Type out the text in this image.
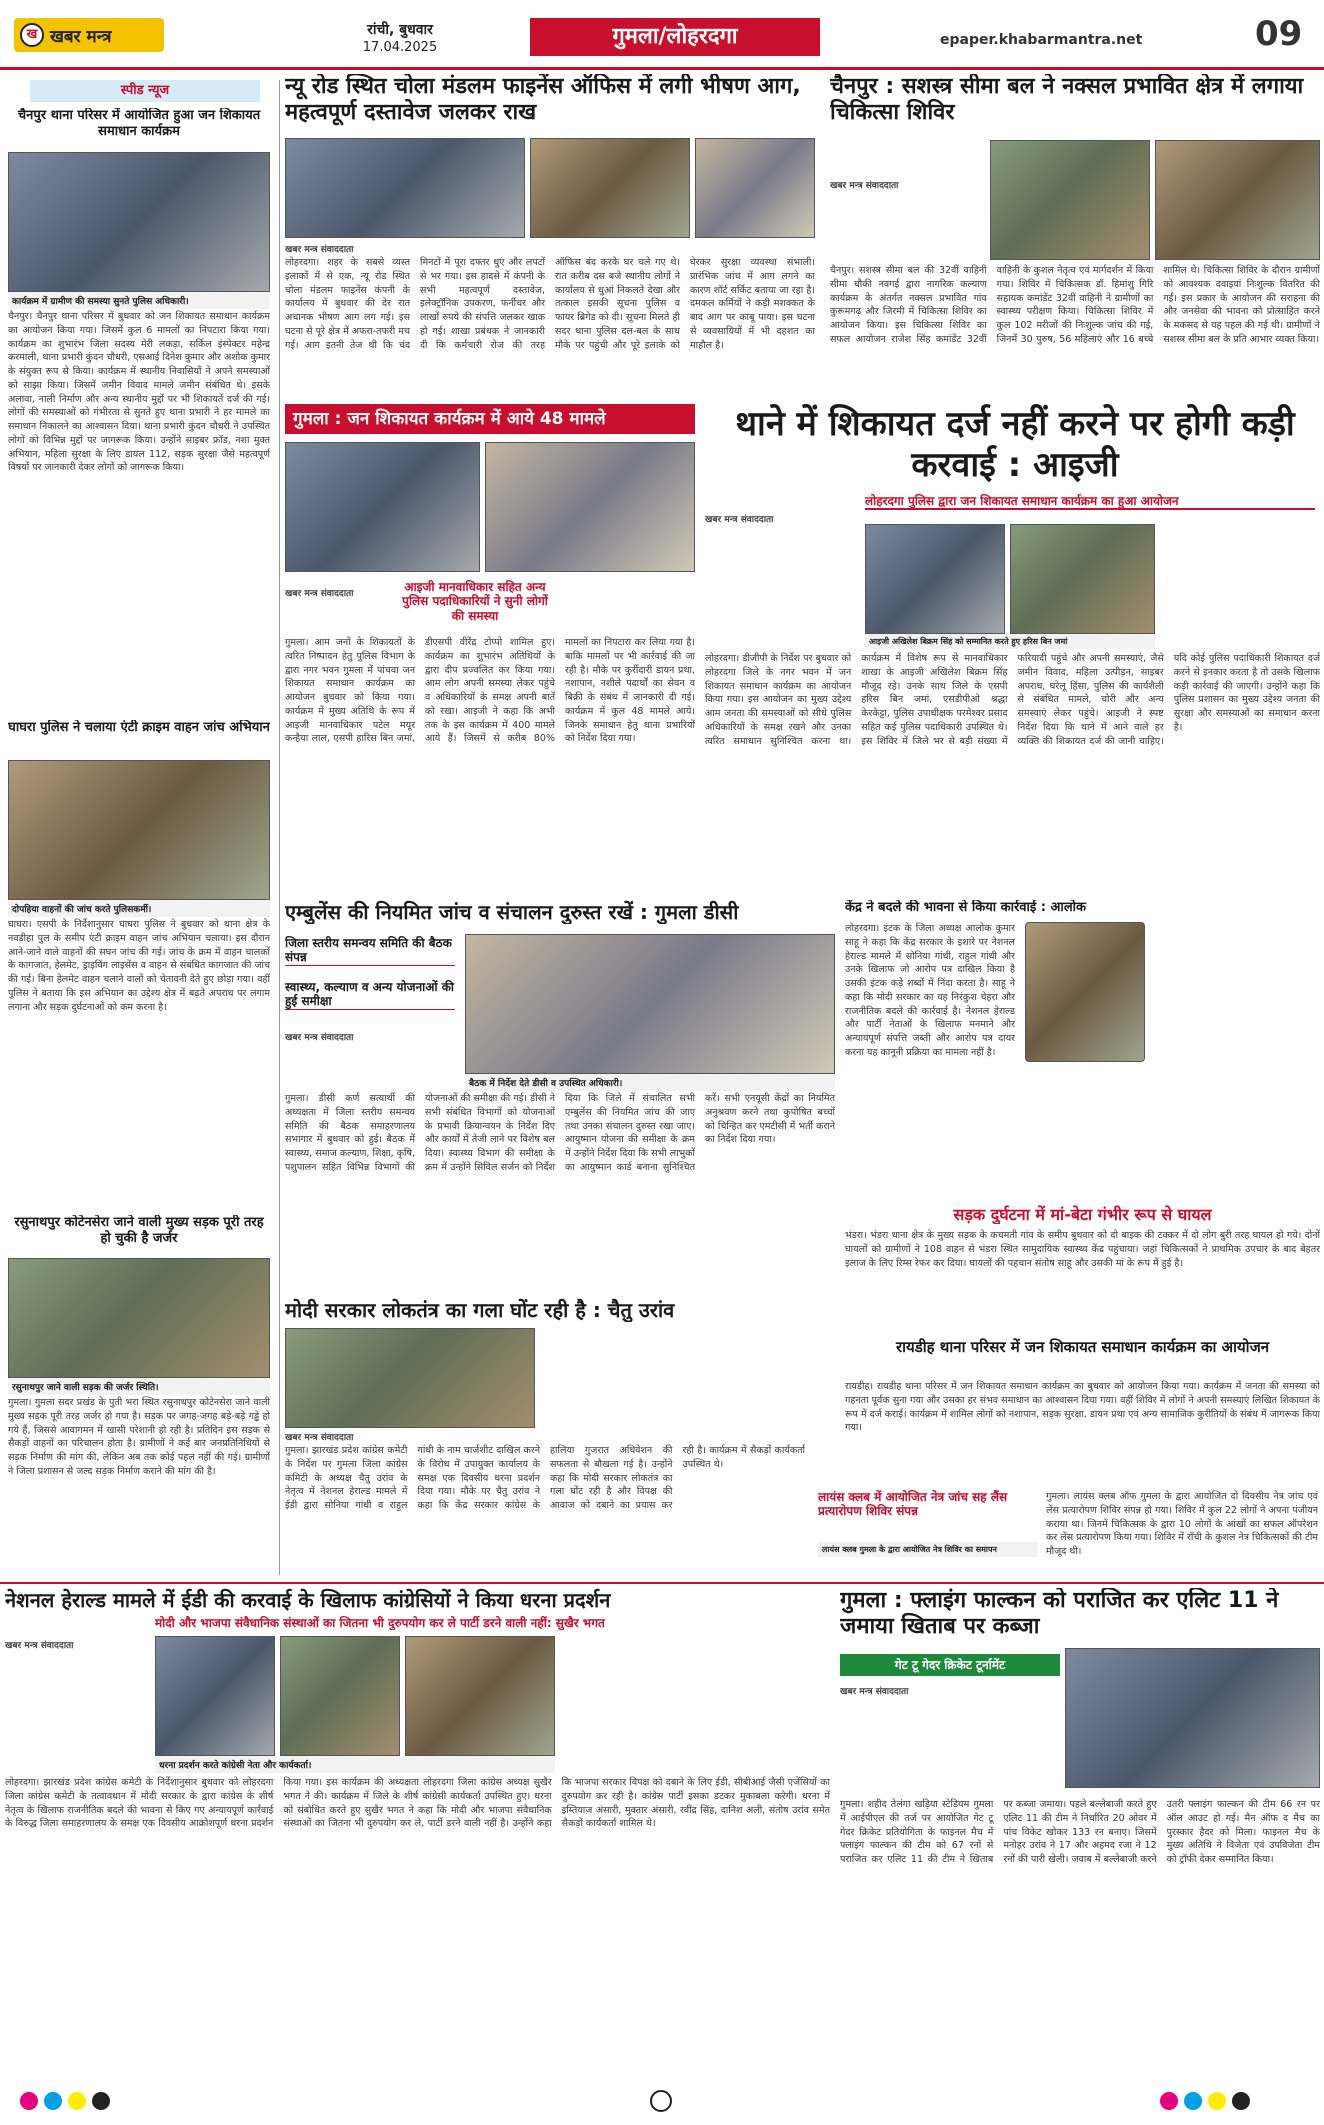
ख खबर मन्त्र	रांची, बुधवार
17.04.2025	गुमला/लोहरदगा	epaper.khabarmantra.net	09
स्पीड न्यूज
चैनपुर थाना परिसर में आयोजित हुआ जन शिकायत समाधान कार्यक्रम
कार्यक्रम में ग्रामीण की समस्या सुनते पुलिस अधिकारी।
चैनपुर। चैनपुर थाना परिसर में बुधवार को जन शिकायत समाधान कार्यक्रम का आयोजन किया गया। जिसमें कुल 6 मामलों का निपटारा किया गया। कार्यक्रम का शुभारंभ जिला सदस्य मेरी लकड़ा, सर्किल इंस्पेक्टर महेन्द्र करमाली, थाना प्रभारी कुंदन चौधरी, एसआई दिनेश कुमार और अशोक कुमार के संयुक्त रूप से किया। कार्यक्रम में स्थानीय निवासियों ने अपने समस्याओं को साझा किया। जिसमें जमीन विवाद मामले जमीन संबंधित थे। इसके अलावा, नाली निर्माण और अन्य स्थानीय मुद्दों पर भी शिकायतें दर्ज की गई। लोगों की समस्याओं को गंभीरता से सुनते हुए थाना प्रभारी ने हर मामले का समाधान निकालने का आश्वासन दिया। थाना प्रभारी कुंदन चौधरी ने उपस्थित लोगों को विभिन्न मुद्दों पर जागरूक किया। उन्होंने साइबर फ्रॉड, नशा मुक्त अभियान, महिला सुरक्षा के लिए डायल 112, सड़क सुरक्षा जैसे महत्वपूर्ण विषयों पर जानकारी देकर लोगों को जागरूक किया।
घाघरा पुलिस ने चलाया एंटी क्राइम वाहन जांच अभियान
दोपहिया वाहनों की जांच करते पुलिसकर्मी।
घाघरा। एसपी के निर्देशानुसार घाघरा पुलिस ने बुधवार को थाना क्षेत्र के नवडीहा पुल के समीप एंटी क्राइम वाहन जांच अभियान चलाया। इस दौरान आने-जाने वाले वाहनों की सघन जांच की गई। जांच के क्रम में वाहन चालकों के कागजात, हेलमेट, ड्राइविंग लाइसेंस व वाहन से संबंधित कागजात की जांच की गई। बिना हेलमेट वाहन चलाने वालों को चेतावनी देते हुए छोड़ा गया। वहीं पुलिस ने बताया कि इस अभियान का उद्देश्य क्षेत्र में बढ़ते अपराध पर लगाम लगाना और सड़क दुर्घटनाओं को कम करना है।
रसुनाथपुर कोटेनसेरा जाने वाली मुख्य सड़क पूरी तरह हो चुकी है जर्जर
रसुनाथपुर जाने वाली सड़क की जर्जर स्थिति।
गुमला। गुमला सदर प्रखंड के पुती भरा स्थित रसुनाथपुर कोटेनसेरा जाने वाली मुख्य सड़क पूरी तरह जर्जर हो गया है। सड़क पर जगह-जगह बड़े-बड़े गड्ढे हो गये हैं, जिससे आवागमन में खासी परेशानी हो रही है। प्रतिदिन इस सड़क से सैकड़ों वाहनों का परिचालन होता है। ग्रामीणों ने कई बार जनप्रतिनिधियों से सड़क निर्माण की मांग की, लेकिन अब तक कोई पहल नहीं की गई। ग्रामीणों ने जिला प्रशासन से जल्द सड़क निर्माण कराने की मांग की है।
न्यू रोड स्थित चोला मंडलम फाइनेंस ऑफिस में लगी भीषण आग, महत्वपूर्ण दस्तावेज जलकर राख
खबर मन्त्र संवाददाता
लोहरदगा। शहर के सबसे व्यस्त इलाकों में से एक, न्यू रोड स्थित चोला मंडलम फाइनेंस कंपनी के कार्यालय में बुधवार की देर रात अचानक भीषण आग लग गई। इस घटना से पूरे क्षेत्र में अफरा-तफरी मच गई। आग इतनी तेज थी कि चंद मिनटों में पूरा दफ्तर धुएं और लपटों से भर गया। इस हादसे में कंपनी के सभी महत्वपूर्ण दस्तावेज, इलेक्ट्रॉनिक उपकरण, फर्नीचर और लाखों रुपये की संपत्ति जलकर खाक हो गई। शाखा प्रबंधक ने जानकारी दी कि कर्मचारी रोज की तरह ऑफिस बंद करके घर चले गए थे। रात करीब दस बजे स्थानीय लोगों ने कार्यालय से धुआं निकलते देखा और तत्काल इसकी सूचना पुलिस व फायर ब्रिगेड को दी। सूचना मिलते ही सदर थाना पुलिस दल-बल के साथ मौके पर पहुंची और पूरे इलाके को घेरकर सुरक्षा व्यवस्था संभाली। प्रारंभिक जांच में आग लगने का कारण शॉर्ट सर्किट बताया जा रहा है। दमकल कर्मियों ने कड़ी मशक्कत के बाद आग पर काबू पाया। इस घटना से व्यवसायियों में भी दहशत का माहौल है।
चैनपुर : सशस्त्र सीमा बल ने नक्सल प्रभावित क्षेत्र में लगाया चिकित्सा शिविर
खबर मन्त्र संवाददाता
चैनपुर। सशस्त्र सीमा बल की 32वीं वाहिनी सीमा चौकी नवगई द्वारा नागरिक कल्याण कार्यक्रम के अंतर्गत नक्सल प्रभावित गांव कुरूमगढ़ और जिरमी में चिकित्सा शिविर का आयोजन किया। इस चिकित्सा शिविर का सफल आयोजन राजेश सिंह कमांडेंट 32वीं वाहिनी के कुशल नेतृत्व एवं मार्गदर्शन में किया गया। शिविर में चिकित्सक डॉ. हिमांशु गिरि सहायक कमांडेंट 32वीं वाहिनी ने ग्रामीणों का स्वास्थ्य परीक्षण किया। चिकित्सा शिविर में कुल 102 मरीजों की निःशुल्क जांच की गई, जिनमें 30 पुरुष, 56 महिलाएं और 16 बच्चे शामिल थे। चिकित्सा शिविर के दौरान ग्रामीणों को आवश्यक दवाइयां निःशुल्क वितरित की गईं। इस प्रकार के आयोजन की सराहना की और जनसेवा की भावना को प्रोत्साहित करने के मकसद से यह पहल की गई थी। ग्रामीणों ने सशस्त्र सीमा बल के प्रति आभार व्यक्त किया।
गुमला : जन शिकायत कार्यक्रम में आये 48 मामले
खबर मन्त्र संवाददाता	आइजी मानवाधिकार सहित अन्य पुलिस पदाधिकारियों ने सुनी लोगों की समस्या
गुमला। आम जनों के शिकायतों के त्वरित निष्पादन हेतु पुलिस विभाग के द्वारा नगर भवन गुमला में पांचवा जन शिकायत समाधान कार्यक्रम का आयोजन बुधवार को किया गया। कार्यक्रम में मुख्य अतिथि के रूप में आइजी मानवाधिकार पटेल मयूर कन्हैया लाल, एसपी हारिस बिन जमां, डीएसपी वीरेंद्र टोप्पो शामिल हुए। कार्यक्रम का शुभारंभ अतिथियों के द्वारा दीप प्रज्वलित कर किया गया। आम लोग अपनी समस्या लेकर पहुंचे व अधिकारियों के समक्ष अपनी बातें को रखा। आइजी ने कहा कि अभी तक के इस कार्यक्रम में 400 मामले आये हैं। जिसमें से करीब 80% मामलों का निपटारा कर लिया गया है। बाकि मामलों पर भी कार्रवाई की जा रही है। मौके पर कुर्रीदारी डायन प्रथा, नशापान, नशीले पदार्थों का सेवन व बिक्री के संबंध में जानकारी दी गई। कार्यक्रम में कुल 48 मामले आये। जिनके समाधान हेतु थाना प्रभारियों को निर्देश दिया गया।
थाने में शिकायत दर्ज नहीं करने पर होगी कड़ी करवाई : आइजी
लोहरदगा पुलिस द्वारा जन शिकायत समाधान कार्यक्रम का हुआ आयोजन
खबर मन्त्र संवाददाता
आइजी अखिलेश बिक्रम सिंह को सम्मानित करते हुए हरिस बिन जमां
लोहरदगा। डीजीपी के निर्देश पर बुधवार को लोहरदगा जिले के नगर भवन में जन शिकायत समाधान कार्यक्रम का आयोजन किया गया। इस आयोजन का मुख्य उद्देश्य आम जनता की समस्याओं को सीधे पुलिस अधिकारियों के समक्ष रखने और उनका त्वरित समाधान सुनिश्चित करना था। कार्यक्रम में विशेष रूप से मानवाधिकार शाखा के आइजी अखिलेश बिक्रम सिंह मौजूद रहे। उनके साथ जिले के एसपी हरिस बिन जमां, एसडीपीओ श्रद्धा केरकेट्टा, पुलिस उपाधीक्षक परमेश्वर प्रसाद सहित कई पुलिस पदाधिकारी उपस्थित थे। इस शिविर में जिले भर से बड़ी संख्या में फरियादी पहुंचे और अपनी समस्याएं, जैसे जमीन विवाद, महिला उत्पीड़न, साइबर अपराध, घरेलू हिंसा, पुलिस की कार्यशैली से संबंधित मामले, चोरी और अन्य समस्याएं लेकर पहुंचे। आइजी ने स्पष्ट निर्देश दिया कि थाने में आने वाले हर व्यक्ति की शिकायत दर्ज की जानी चाहिए। यदि कोई पुलिस पदाधिकारी शिकायत दर्ज करने से इनकार करता है तो उसके खिलाफ कड़ी कार्रवाई की जाएगी। उन्होंने कहा कि पुलिस प्रशासन का मुख्य उद्देश्य जनता की सुरक्षा और समस्याओं का समाधान करना है।
एम्बुलेंस की नियमित जांच व संचालन दुरुस्त रखें : गुमला डीसी
जिला स्तरीय समन्वय समिति की बैठक संपन्न
स्वास्थ्य, कल्याण व अन्य योजनाओं की हुई समीक्षा
बैठक में निर्देश देते डीसी व उपस्थित अधिकारी।
खबर मन्त्र संवाददाता
गुमला। डीसी कर्ण सत्यार्थी की अध्यक्षता में जिला स्तरीय समन्वय समिति की बैठक समाहरणालय सभागार में बुधवार को हुई। बैठक में स्वास्थ्य, समाज कल्याण, शिक्षा, कृषि, पशुपालन सहित विभिन्न विभागों की योजनाओं की समीक्षा की गई। डीसी ने सभी संबंधित विभागों को योजनाओं के प्रभावी क्रियान्वयन के निर्देश दिए और कार्यों में तेजी लाने पर विशेष बल दिया। स्वास्थ्य विभाग की समीक्षा के क्रम में उन्होंने सिविल सर्जन को निर्देश दिया कि जिले में संचालित सभी एम्बुलेंस की नियमित जांच की जाए तथा उनका संचालन दुरुस्त रखा जाए। आयुष्मान योजना की समीक्षा के क्रम में उन्होंने निर्देश दिया कि सभी लाभुकों का आयुष्मान कार्ड बनाना सुनिश्चित करें। सभी एनयूसी केंद्रों का नियमित अनुश्रवण करने तथा कुपोषित बच्चों को चिन्हित कर एमटीसी में भर्ती कराने का निर्देश दिया गया।
केंद्र ने बदले की भावना से किया कार्रवाई : आलोक
लोहरदगा। इंटक के जिला अध्यक्ष आलोक कुमार साहू ने कहा कि केंद्र सरकार के इशारे पर नेशनल हेराल्ड मामले में सोनिया गांधी, राहुल गांधी और उनके खिलाफ जो आरोप पत्र दाखिल किया है उसकी इंटक कड़े शब्दों में निंदा करता है। साहू ने कहा कि मोदी सरकार का यह निरंकुश चेहरा और राजनीतिक बदले की कार्रवाई है। नेशनल हेराल्ड और पार्टी नेताओं के खिलाफ मनमाने और अन्यायपूर्ण संपत्ति जब्ती और आरोप पत्र दायर करना यह कानूनी प्रक्रिया का मामला नहीं है।
सड़क दुर्घटना में मां-बेटा गंभीर रूप से घायल
भंडरा। भंडरा थाना क्षेत्र के मुख्य सड़क के कचमती गांव के समीप बुधवार को दो बाइक की टक्कर में दो लोग बुरी तरह घायल हो गये। दोनों घायलों को ग्रामीणों ने 108 वाहन से भंडरा स्थित सामुदायिक स्वास्थ्य केंद्र पहुंचाया। जहां चिकित्सकों ने प्राथमिक उपचार के बाद बेहतर इलाज के लिए रिम्स रेफर कर दिया। घायलों की पहचान संतोष साहू और उसकी मां के रूप में हुई है।
रायडीह थाना परिसर में जन शिकायत समाधान कार्यक्रम का आयोजन
रायडीह। रायडीह थाना परिसर में जन शिकायत समाधान कार्यक्रम का बुधवार को आयोजन किया गया। कार्यक्रम में जनता की समस्या को गहनता पूर्वक सुना गया और उसका हर संभव समाधान का आश्वासन दिया गया। वहीं शिविर में लोगों ने अपनी समस्याएं लिखित शिकायत के रूप में दर्ज कराई। कार्यक्रम में शामिल लोगों को नशापान, सड़क सुरक्षा, डायन प्रथा एवं अन्य सामाजिक कुरीतियों के संबंध में जागरूक किया गया।
मोदी सरकार लोकतंत्र का गला घोंट रही है : चैतु उरांव
खबर मन्त्र संवाददाता
गुमला। झारखंड प्रदेश कांग्रेस कमेटी के निर्देश पर गुमला जिला कांग्रेस कमिटी के अध्यक्ष चैतु उरांव के नेतृत्व में नेशनल हेराल्ड मामले में ईडी द्वारा सोनिया गांधी व राहुल गांधी के नाम चार्जशीट दाखिल करने के विरोध में उपायुक्त कार्यालय के समक्ष एक दिवसीय धरना प्रदर्शन दिया गया। मौके पर चैतु उरांव ने कहा कि केंद्र सरकार कांग्रेस के हालिया गुजरात अधिवेशन की सफलता से बौखला गई है। उन्होंने कहा कि मोदी सरकार लोकतंत्र का गला घोंट रही है और विपक्ष की आवाज को दबाने का प्रयास कर रही है। कार्यक्रम में सैकड़ों कार्यकर्ता उपस्थित थे।
लायंस क्लब में आयोजित नेत्र जांच सह लैंस प्रत्यारोपण शिविर संपन्न
लायंस क्लब गुमला के द्वारा आयोजित नेत्र शिविर का समापन
गुमला। लायंस क्लब ऑफ गुमला के द्वारा आयोजित दो दिवसीय नेत्र जांच एवं लेंस प्रत्यारोपण शिविर संपन्न हो गया। शिविर में कुल 22 लोगों ने अपना पंजीयन कराया था। जिनमें चिकित्सक के द्वारा 10 लोगों के आंखों का सफल ऑपरेशन कर लेंस प्रत्यारोपण किया गया। शिविर में राँची के कुशल नेत्र चिकित्सकों की टीम मौजूद थी।
नेशनल हेराल्ड मामले में ईडी की करवाई के खिलाफ कांग्रेसियों ने किया धरना प्रदर्शन
मोदी और भाजपा संवैधानिक संस्थाओं का जितना भी दुरुपयोग कर ले पार्टी डरने वाली नहीं: सुखैर भगत
खबर मन्त्र संवाददाता
धरना प्रदर्शन करते कांग्रेसी नेता और कार्यकर्ता।
लोहरदगा। झारखंड प्रदेश कांग्रेस कमेटी के निर्देशानुसार बुधवार को लोहरदगा जिला कांग्रेस कमेटी के तत्वावधान में मोदी सरकार के द्वारा कांग्रेस के शीर्ष नेतृत्व के खिलाफ राजनीतिक बदले की भावना से किए गए अन्यायपूर्ण कार्रवाई के विरुद्ध जिला समाहरणालय के समक्ष एक दिवसीय आक्रोशपूर्ण धरना प्रदर्शन किया गया। इस कार्यक्रम की अध्यक्षता लोहरदगा जिला कांग्रेस अध्यक्ष सुखैर भगत ने की। कार्यक्रम में जिले के शीर्ष कांग्रेसी कार्यकर्ता उपस्थित हुए। धरना को संबोधित करते हुए सुखैर भगत ने कहा कि मोदी और भाजपा संवैधानिक संस्थाओं का जितना भी दुरुपयोग कर ले, पार्टी डरने वाली नहीं है। उन्होंने कहा कि भाजपा सरकार विपक्ष को दबाने के लिए ईडी, सीबीआई जैसी एजेंसियों का दुरुपयोग कर रही है। कांग्रेस पार्टी इसका डटकर मुकाबला करेगी। धरना में इम्तियाज अंसारी, मुक्तार अंसारी, रवींद्र सिंह, दानिश अली, संतोष उरांव समेत सैकड़ों कार्यकर्ता शामिल थे।
गुमला : फ्लाइंग फाल्कन को पराजित कर एलिट 11 ने जमाया खिताब पर कब्जा
गेट टू गेदर क्रिकेट टूर्नामेंट
खबर मन्त्र संवाददाता
गुमला। शहीद तेलंगा खड़िया स्टेडियम गुमला में आईपीएल की तर्ज पर आयोजित गेट टू गेदर क्रिकेट प्रतियोगिता के फाइनल मैच में फ्लाइंग फाल्कन की टीम को 67 रनों से पराजित कर एलिट 11 की टीम ने खिताब पर कब्जा जमाया। पहले बल्लेबाजी करते हुए एलिट 11 की टीम ने निर्धारित 20 ओवर में पांच विकेट खोकर 133 रन बनाए। जिसमें मनोहर उरांव ने 17 और अहमद रजा ने 12 रनों की पारी खेली। जवाब में बल्लेबाजी करने उतरी फ्लाइंग फाल्कन की टीम 66 रन पर ऑल आउट हो गई। मैन ऑफ द मैच का पुरस्कार हैदर को मिला। फाइनल मैच के मुख्य अतिथि ने विजेता एवं उपविजेता टीम को ट्रॉफी देकर सम्मानित किया।
